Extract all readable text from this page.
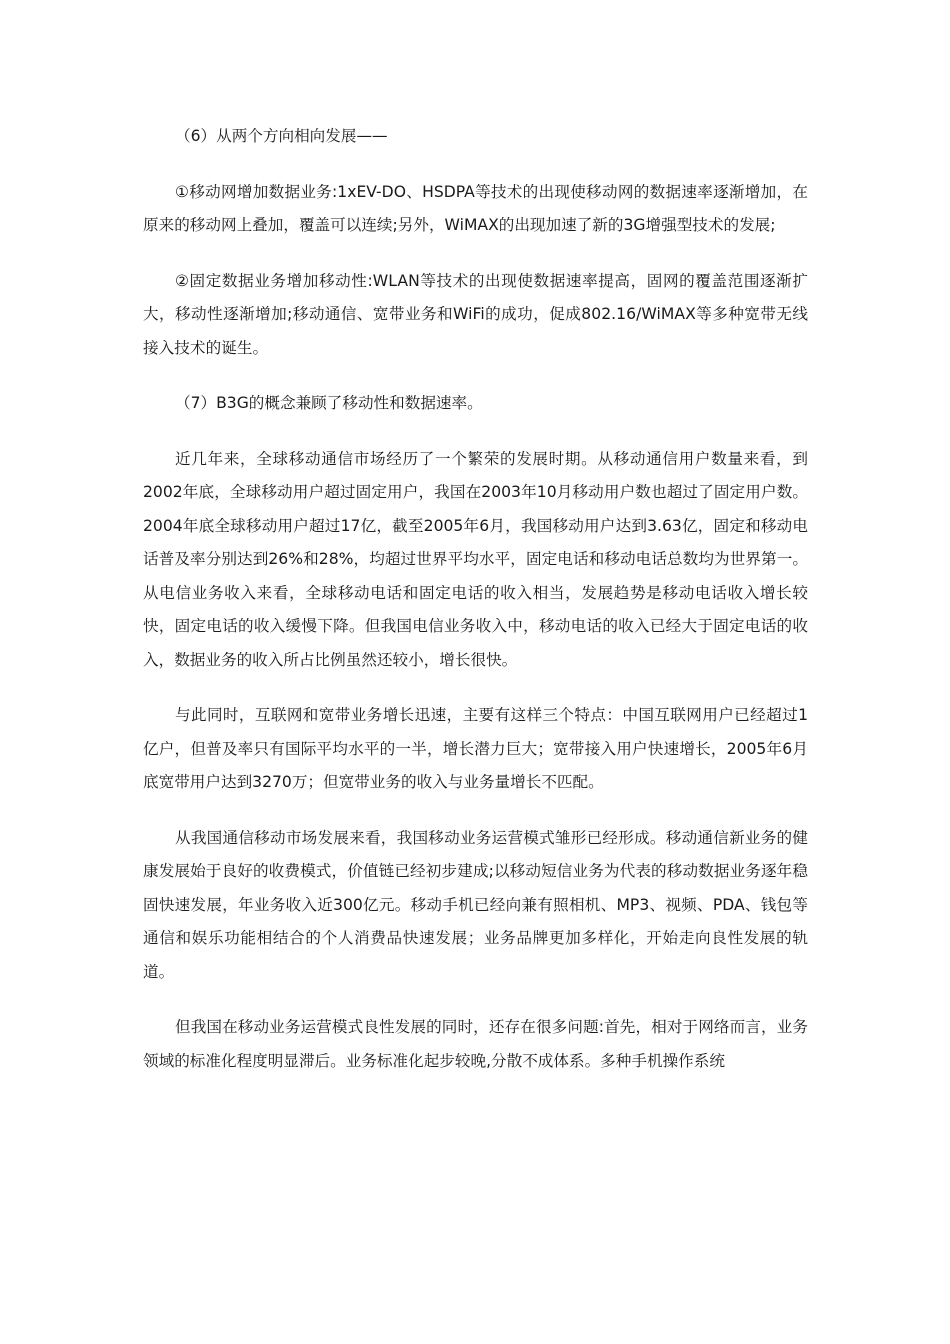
（6）从两个方向相向发展——

①移动网增加数据业务:1xEV-DO、HSDPA等技术的出现使移动网的数据速率逐渐增加，在原来的移动网上叠加，覆盖可以连续;另外，WiMAX的出现加速了新的3G增强型技术的发展;

②固定数据业务增加移动性:WLAN等技术的出现使数据速率提高，固网的覆盖范围逐渐扩大，移动性逐渐增加;移动通信、宽带业务和WiFi的成功，促成802.16/WiMAX等多种宽带无线接入技术的诞生。

（7）B3G的概念兼顾了移动性和数据速率。

近几年来，全球移动通信市场经历了一个繁荣的发展时期。从移动通信用户数量来看，到2002年底，全球移动用户超过固定用户，我国在2003年10月移动用户数也超过了固定用户数。2004年底全球移动用户超过17亿，截至2005年6月，我国移动用户达到3.63亿，固定和移动电话普及率分别达到26%和28%，均超过世界平均水平，固定电话和移动电话总数均为世界第一。从电信业务收入来看，全球移动电话和固定电话的收入相当，发展趋势是移动电话收入增长较快，固定电话的收入缓慢下降。但我国电信业务收入中，移动电话的收入已经大于固定电话的收入，数据业务的收入所占比例虽然还较小，增长很快。

与此同时，互联网和宽带业务增长迅速，主要有这样三个特点：中国互联网用户已经超过1亿户，但普及率只有国际平均水平的一半，增长潜力巨大；宽带接入用户快速增长，2005年6月底宽带用户达到3270万；但宽带业务的收入与业务量增长不匹配。

从我国通信移动市场发展来看，我国移动业务运营模式雏形已经形成。移动通信新业务的健康发展始于良好的收费模式，价值链已经初步建成;以移动短信业务为代表的移动数据业务逐年稳固快速发展，年业务收入近300亿元。移动手机已经向兼有照相机、MP3、视频、PDA、钱包等通信和娱乐功能相结合的个人消费品快速发展；业务品牌更加多样化，开始走向良性发展的轨道。

但我国在移动业务运营模式良性发展的同时，还存在很多问题:首先，相对于网络而言，业务领域的标准化程度明显滞后。业务标准化起步较晚,分散不成体系。多种手机操作系统
